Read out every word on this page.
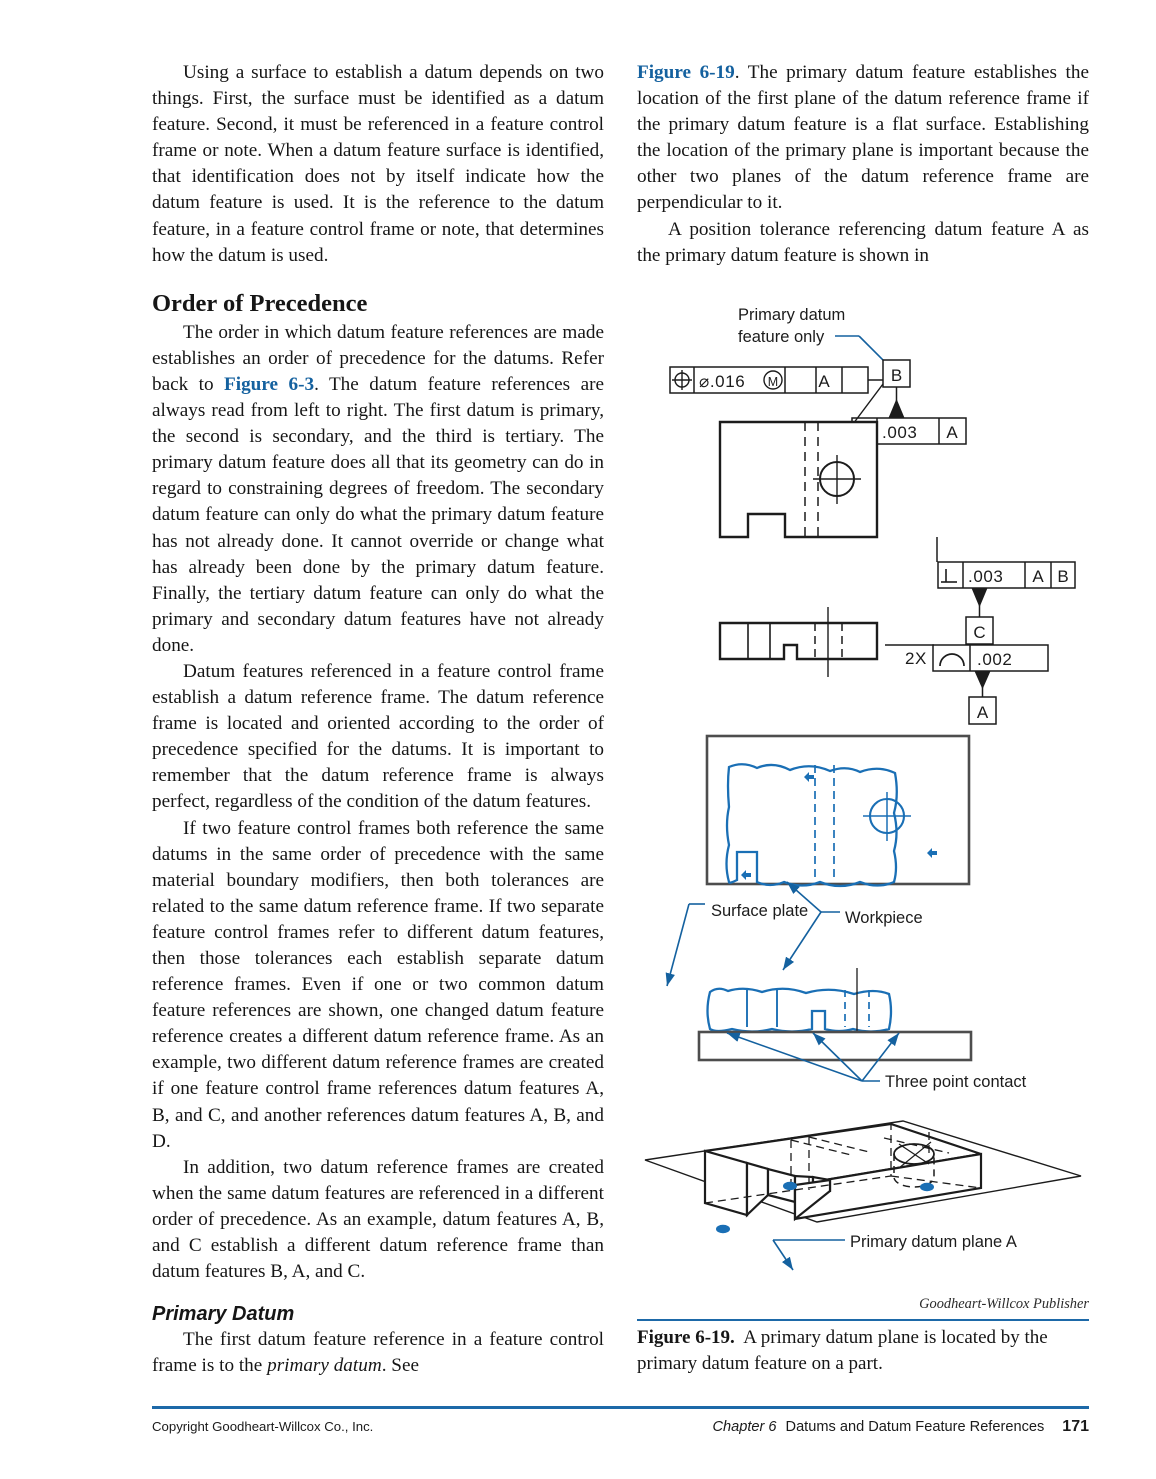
Using a surface to establish a datum depends on two things. First, the surface must be identified as a datum feature. Second, it must be referenced in a feature control frame or note. When a datum feature surface is identified, that identification does not by itself indicate how the datum feature is used. It is the reference to the datum feature, in a feature control frame or note, that determines how the datum is used.

Order of Precedence

The order in which datum feature references are made establishes an order of precedence for the datums. Refer back to Figure 6-3. The datum feature references are always read from left to right. The first datum is primary, the second is secondary, and the third is tertiary. The primary datum feature does all that its geometry can do in regard to constraining degrees of freedom. The secondary datum feature can only do what the primary datum feature has not already done. It cannot override or change what has already been done by the primary datum feature. Finally, the tertiary datum feature can only do what the primary and secondary datum features have not already done.

Datum features referenced in a feature control frame establish a datum reference frame. The datum reference frame is located and oriented according to the order of precedence specified for the datums. It is important to remember that the datum reference frame is always perfect, regardless of the condition of the datum features.

If two feature control frames both reference the same datums in the same order of precedence with the same material boundary modifiers, then both tolerances are related to the same datum reference frame. If two separate feature control frames refer to different datum features, then those tolerances each establish separate datum reference frames. Even if one or two common datum feature references are shown, one changed datum feature reference creates a different datum reference frame. As an example, two different datum reference frames are created if one feature control frame references datum features A, B, and C, and another references datum features A, B, and D.

In addition, two datum reference frames are created when the same datum features are referenced in a different order of precedence. As an example, datum features A, B, and C establish a different datum reference frame than datum features B, A, and C.

Primary Datum

The first datum feature reference in a feature control frame is to the primary datum. See

Figure 6-19. The primary datum feature establishes the location of the first plane of the datum reference frame if the primary datum feature is a flat surface. Establishing the location of the primary plane is important because the other two planes of the datum reference frame are perpendicular to it.

A position tolerance referencing datum feature A as the primary datum feature is shown in

Primary datum
feature only
⌀.016 M A	B
.003 A
.003 A B
C
2X	.002
A
Surface plate Workpiece
Three point contact
Primary datum plane A
Goodheart-Willcox Publisher
Figure 6-19. A primary datum plane is located by the primary datum feature on a part.
Copyright Goodheart-Willcox Co., Inc.	Chapter 6 Datums and Datum Feature References 171
